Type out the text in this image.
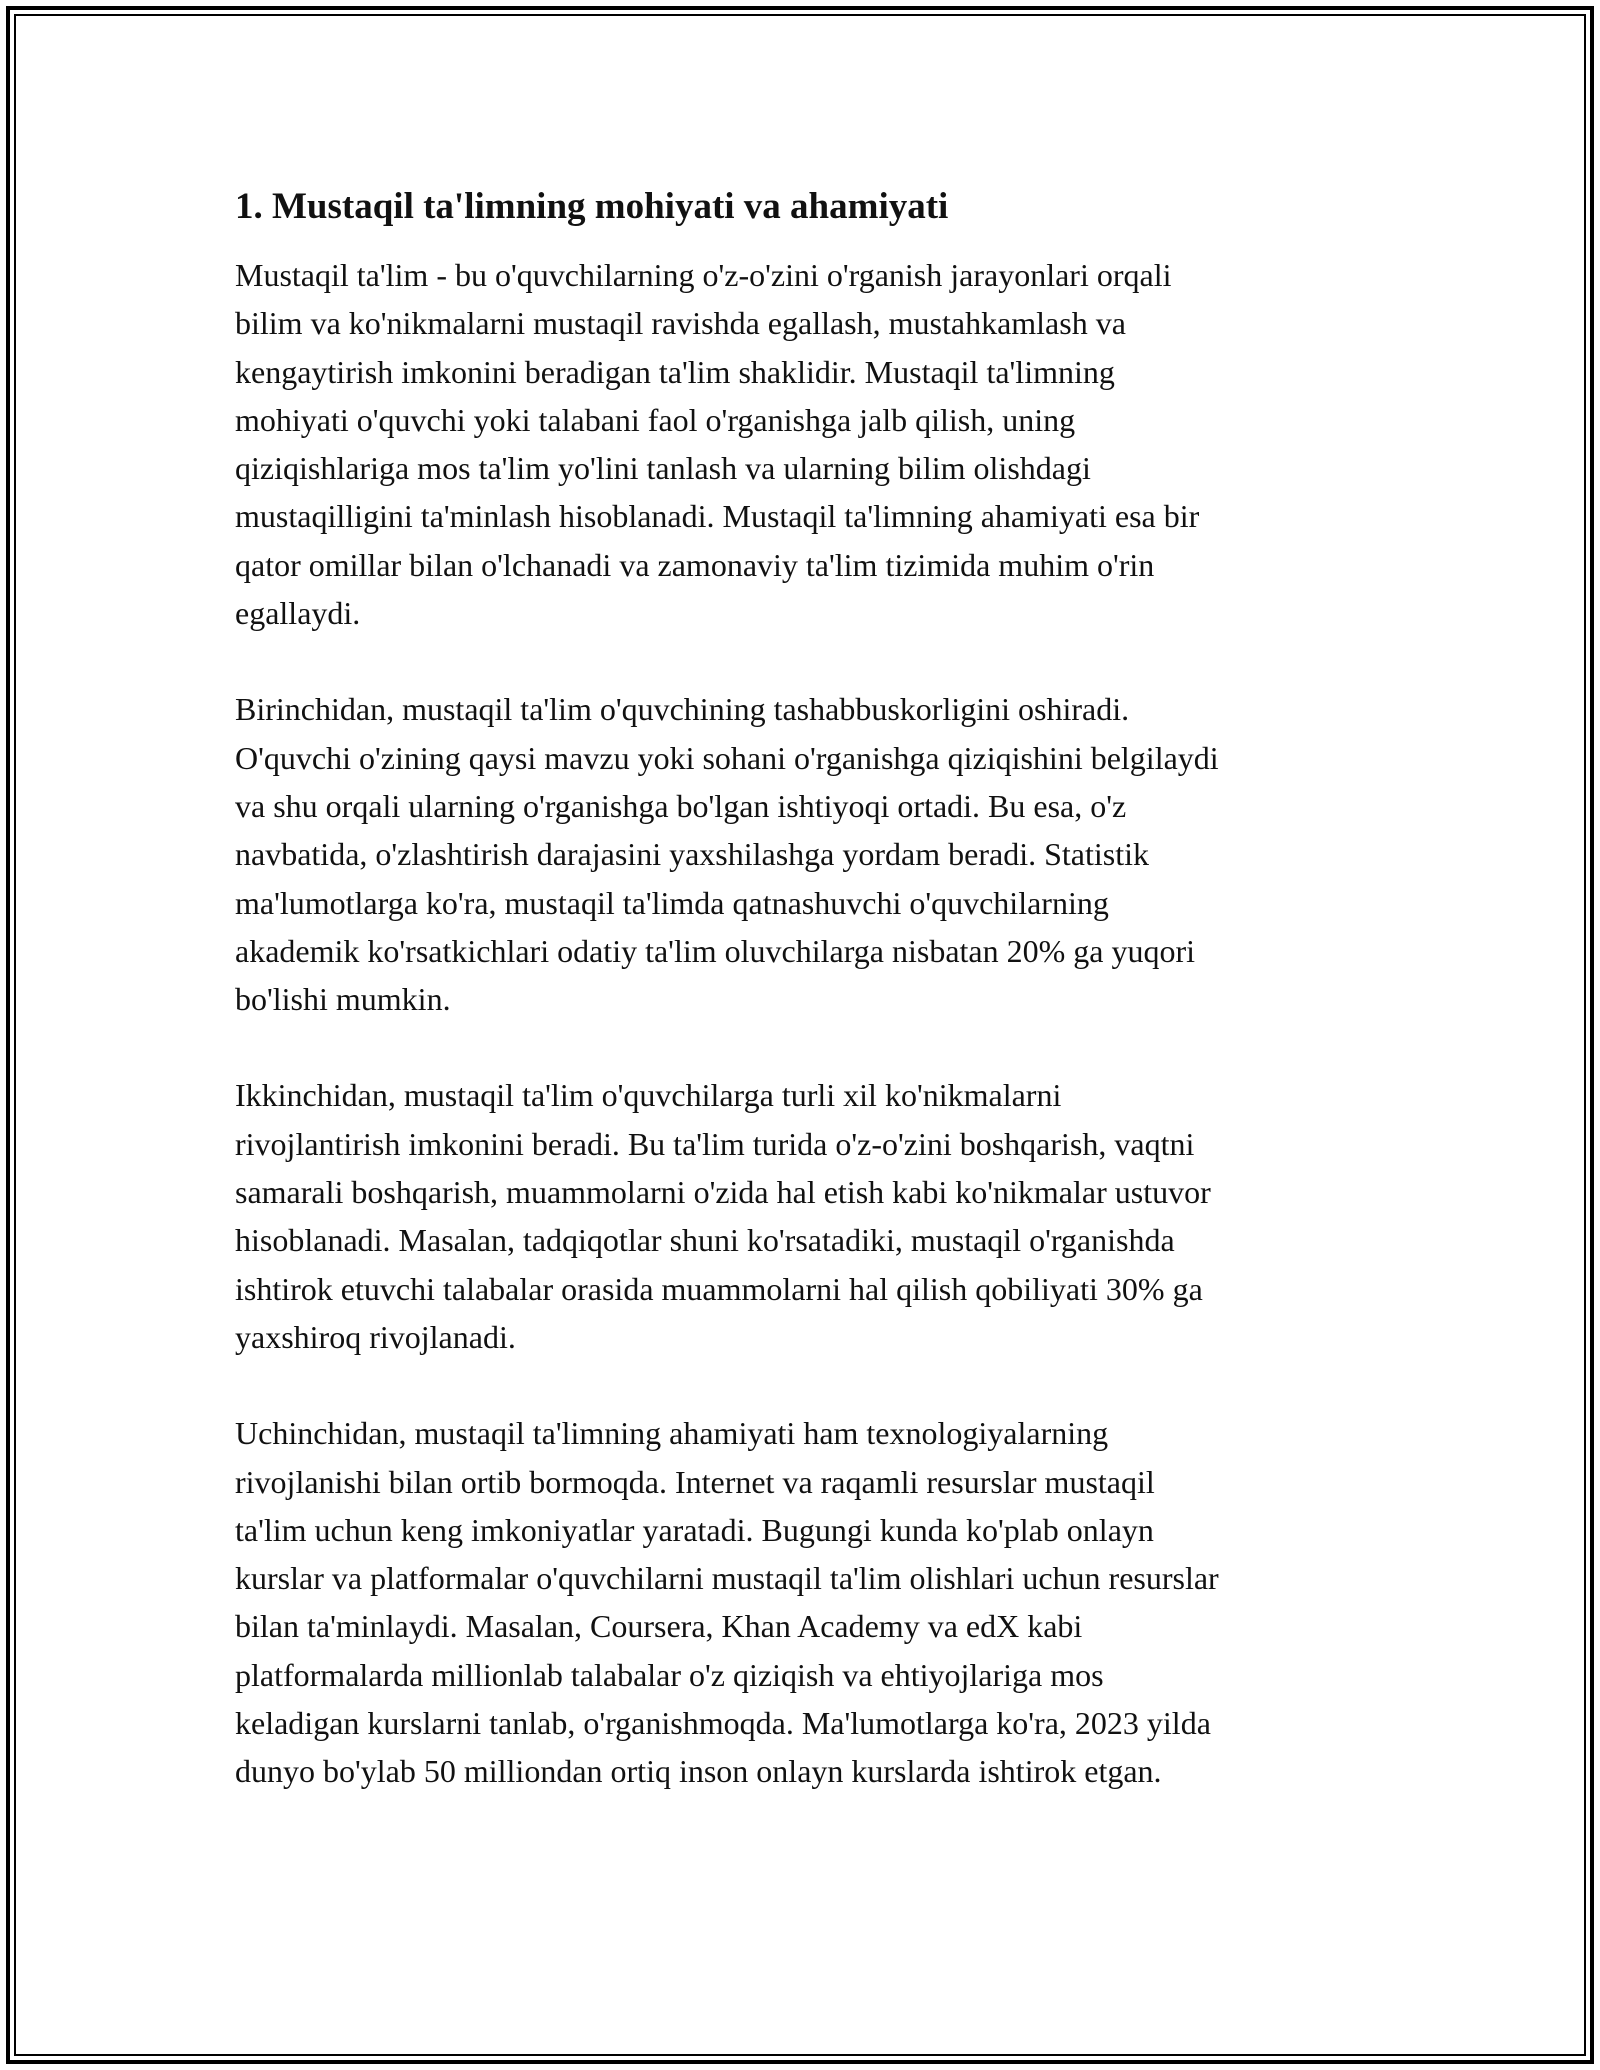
1. Mustaqil ta'limning mohiyati va ahamiyati

Mustaqil ta'lim - bu o'quvchilarning o'z-o'zini o'rganish jarayonlari orqali
bilim va ko'nikmalarni mustaqil ravishda egallash, mustahkamlash va
kengaytirish imkonini beradigan ta'lim shaklidir. Mustaqil ta'limning
mohiyati o'quvchi yoki talabani faol o'rganishga jalb qilish, uning
qiziqishlariga mos ta'lim yo'lini tanlash va ularning bilim olishdagi
mustaqilligini ta'minlash hisoblanadi. Mustaqil ta'limning ahamiyati esa bir
qator omillar bilan o'lchanadi va zamonaviy ta'lim tizimida muhim o'rin
egallaydi.

Birinchidan, mustaqil ta'lim o'quvchining tashabbuskorligini oshiradi.
O'quvchi o'zining qaysi mavzu yoki sohani o'rganishga qiziqishini belgilaydi
va shu orqali ularning o'rganishga bo'lgan ishtiyoqi ortadi. Bu esa, o'z
navbatida, o'zlashtirish darajasini yaxshilashga yordam beradi. Statistik
ma'lumotlarga ko'ra, mustaqil ta'limda qatnashuvchi o'quvchilarning
akademik ko'rsatkichlari odatiy ta'lim oluvchilarga nisbatan 20% ga yuqori
bo'lishi mumkin.

Ikkinchidan, mustaqil ta'lim o'quvchilarga turli xil ko'nikmalarni
rivojlantirish imkonini beradi. Bu ta'lim turida o'z-o'zini boshqarish, vaqtni
samarali boshqarish, muammolarni o'zida hal etish kabi ko'nikmalar ustuvor
hisoblanadi. Masalan, tadqiqotlar shuni ko'rsatadiki, mustaqil o'rganishda
ishtirok etuvchi talabalar orasida muammolarni hal qilish qobiliyati 30% ga
yaxshiroq rivojlanadi.

Uchinchidan, mustaqil ta'limning ahamiyati ham texnologiyalarning
rivojlanishi bilan ortib bormoqda. Internet va raqamli resurslar mustaqil
ta'lim uchun keng imkoniyatlar yaratadi. Bugungi kunda ko'plab onlayn
kurslar va platformalar o'quvchilarni mustaqil ta'lim olishlari uchun resurslar
bilan ta'minlaydi. Masalan, Coursera, Khan Academy va edX kabi
platformalarda millionlab talabalar o'z qiziqish va ehtiyojlariga mos
keladigan kurslarni tanlab, o'rganishmoqda. Ma'lumotlarga ko'ra, 2023 yilda
dunyo bo'ylab 50 milliondan ortiq inson onlayn kurslarda ishtirok etgan.
